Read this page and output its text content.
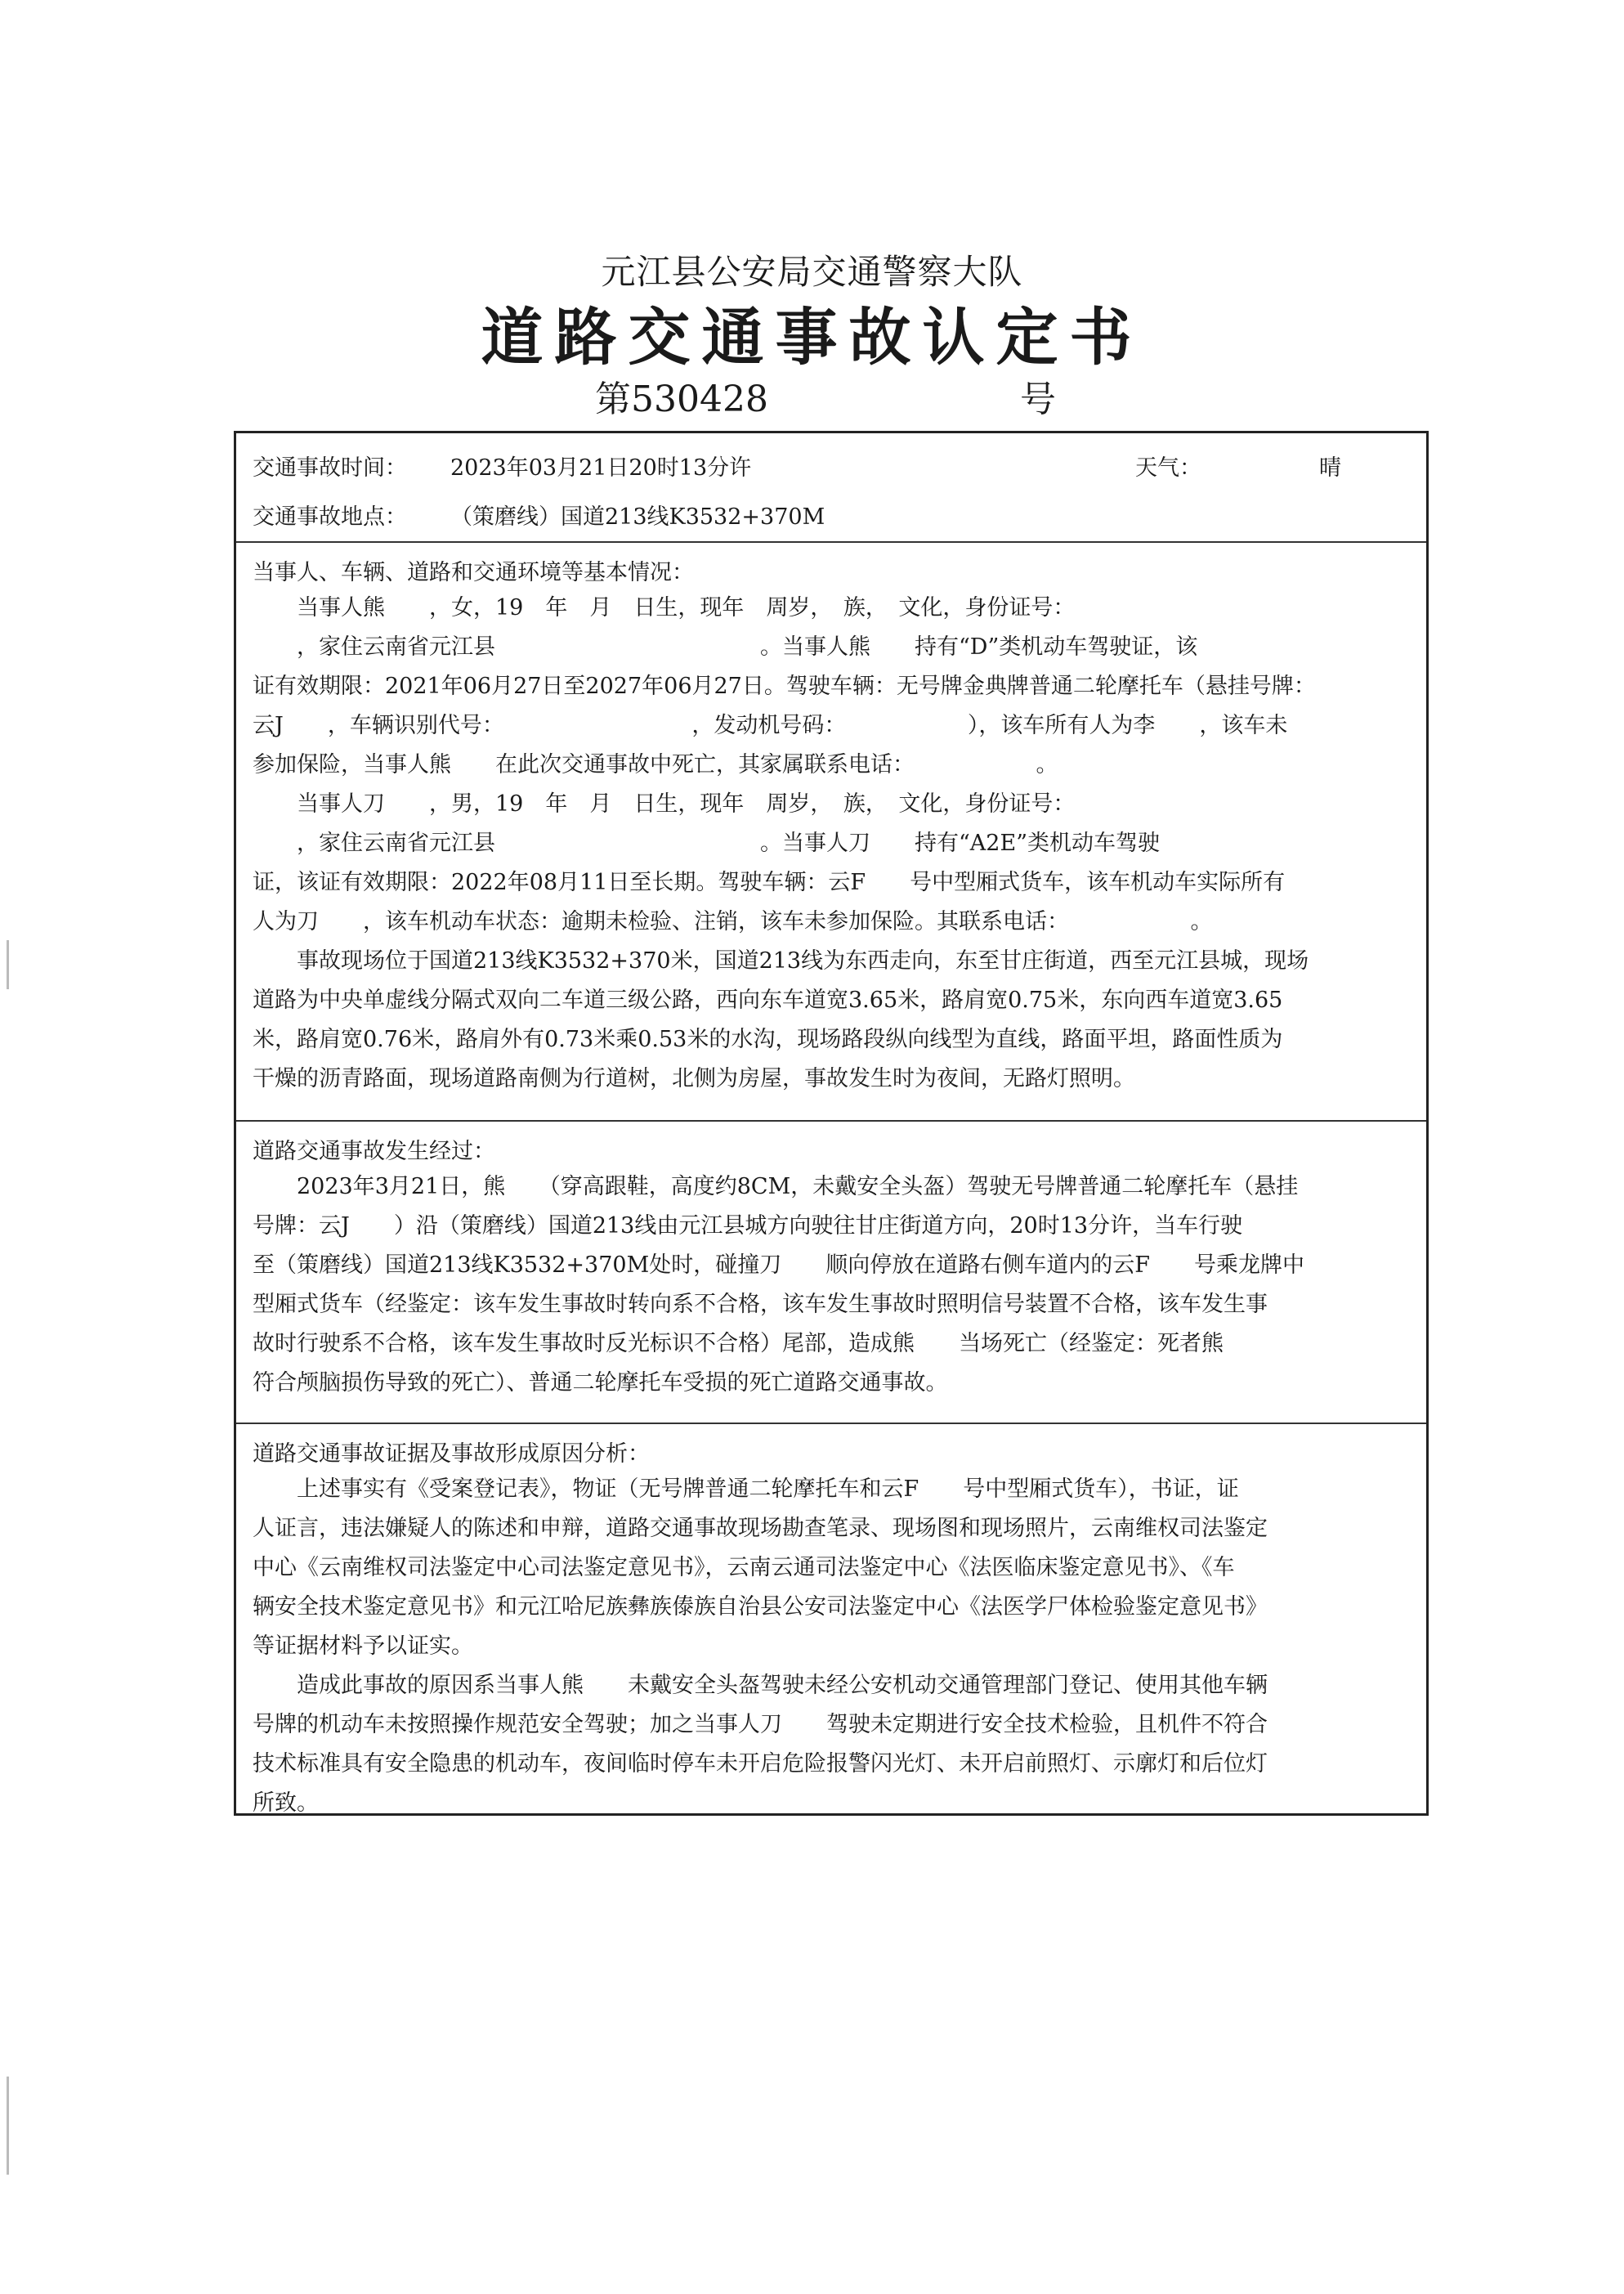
元江县公安局交通警察大队
道路交通事故认定书
第530428	号
交通事故时间： 2023年03月21日20时13分许	天气：	晴
交通事故地点： （策磨线）国道213线K3532+370M
当事人、车辆、道路和交通环境等基本情况：
　　当事人熊　　，女，19　年　月　日生，现年　周岁，　族，　文化，身份证号：
　　，家住云南省元江县　　　　　　　　　　　　。当事人熊　　持有“D”类机动车驾驶证，该
证有效期限：2021年06月27日至2027年06月27日。驾驶车辆：无号牌金典牌普通二轮摩托车（悬挂号牌：
云J　　，车辆识别代号：　　　　　　　　　，发动机号码：　　　　　　），该车所有人为李　　，该车未
参加保险，当事人熊　　在此次交通事故中死亡，其家属联系电话：　　　　　　。
　　当事人刀　　，男，19　年　月　日生，现年　周岁，　族，　文化，身份证号：
　　，家住云南省元江县　　　　　　　　　　　　。当事人刀　　持有“A2E”类机动车驾驶
证，该证有效期限：2022年08月11日至长期。驾驶车辆：云F　　号中型厢式货车，该车机动车实际所有
人为刀　　，该车机动车状态：逾期未检验、注销，该车未参加保险。其联系电话：　　　　　　。
　　事故现场位于国道213线K3532+370米，国道213线为东西走向，东至甘庄街道，西至元江县城，现场
道路为中央单虚线分隔式双向二车道三级公路，西向东车道宽3.65米，路肩宽0.75米，东向西车道宽3.65
米，路肩宽0.76米，路肩外有0.73米乘0.53米的水沟，现场路段纵向线型为直线，路面平坦，路面性质为
干燥的沥青路面，现场道路南侧为行道树，北侧为房屋，事故发生时为夜间，无路灯照明。
道路交通事故发生经过：
　　2023年3月21日，熊　　（穿高跟鞋，高度约8CM，未戴安全头盔）驾驶无号牌普通二轮摩托车（悬挂
号牌：云J　　）沿（策磨线）国道213线由元江县城方向驶往甘庄街道方向，20时13分许，当车行驶
至（策磨线）国道213线K3532+370M处时，碰撞刀　　顺向停放在道路右侧车道内的云F　　号乘龙牌中
型厢式货车（经鉴定：该车发生事故时转向系不合格，该车发生事故时照明信号装置不合格，该车发生事
故时行驶系不合格，该车发生事故时反光标识不合格）尾部，造成熊　　当场死亡（经鉴定：死者熊
符合颅脑损伤导致的死亡）、普通二轮摩托车受损的死亡道路交通事故。
道路交通事故证据及事故形成原因分析：
　　上述事实有《受案登记表》，物证（无号牌普通二轮摩托车和云F　　号中型厢式货车），书证，证
人证言，违法嫌疑人的陈述和申辩，道路交通事故现场勘查笔录、现场图和现场照片，云南维权司法鉴定
中心《云南维权司法鉴定中心司法鉴定意见书》，云南云通司法鉴定中心《法医临床鉴定意见书》、《车
辆安全技术鉴定意见书》和元江哈尼族彝族傣族自治县公安司法鉴定中心《法医学尸体检验鉴定意见书》
等证据材料予以证实。
　　造成此事故的原因系当事人熊　　未戴安全头盔驾驶未经公安机动交通管理部门登记、使用其他车辆
号牌的机动车未按照操作规范安全驾驶；加之当事人刀　　驾驶未定期进行安全技术检验，且机件不符合
技术标准具有安全隐患的机动车，夜间临时停车未开启危险报警闪光灯、未开启前照灯、示廓灯和后位灯
所致。
